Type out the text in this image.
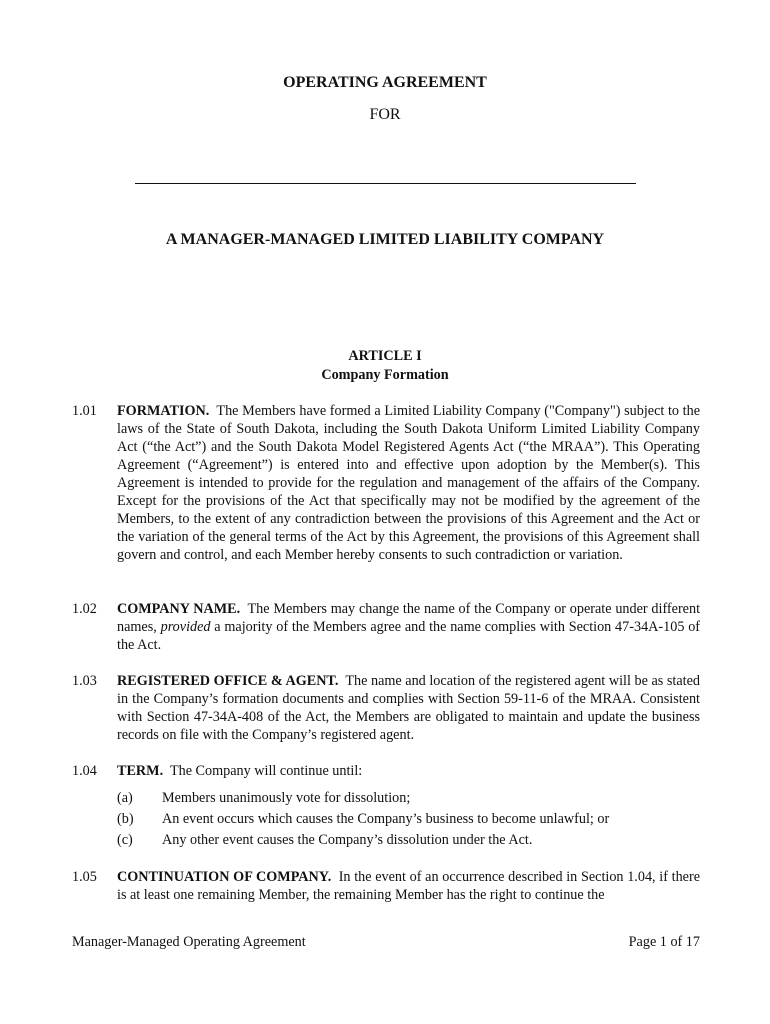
OPERATING AGREEMENT
FOR
A MANAGER-MANAGED LIMITED LIABILITY COMPANY
ARTICLE I
Company Formation
1.01	FORMATION. The Members have formed a Limited Liability Company ("Company") subject to the laws of the State of South Dakota, including the South Dakota Uniform Limited Liability Company Act (“the Act”) and the South Dakota Model Registered Agents Act (“the MRAA”). This Operating Agreement (“Agreement”) is entered into and effective upon adoption by the Member(s). This Agreement is intended to provide for the regulation and management of the affairs of the Company. Except for the provisions of the Act that specifically may not be modified by the agreement of the Members, to the extent of any contradiction between the provisions of this Agreement and the Act or the variation of the general terms of the Act by this Agreement, the provisions of this Agreement shall govern and control, and each Member hereby consents to such contradiction or variation.
1.02	COMPANY NAME. The Members may change the name of the Company or operate under different names, provided a majority of the Members agree and the name complies with Section 47-34A-105 of the Act.
1.03	REGISTERED OFFICE & AGENT. The name and location of the registered agent will be as stated in the Company’s formation documents and complies with Section 59-11-6 of the MRAA. Consistent with Section 47-34A-408 of the Act, the Members are obligated to maintain and update the business records on file with the Company’s registered agent.
1.04	TERM. The Company will continue until:
(a)	Members unanimously vote for dissolution;
(b)	An event occurs which causes the Company’s business to become unlawful; or
(c)	Any other event causes the Company’s dissolution under the Act.
1.05	CONTINUATION OF COMPANY. In the event of an occurrence described in Section 1.04, if there is at least one remaining Member, the remaining Member has the right to continue the
Manager-Managed Operating Agreement	Page 1 of 17
